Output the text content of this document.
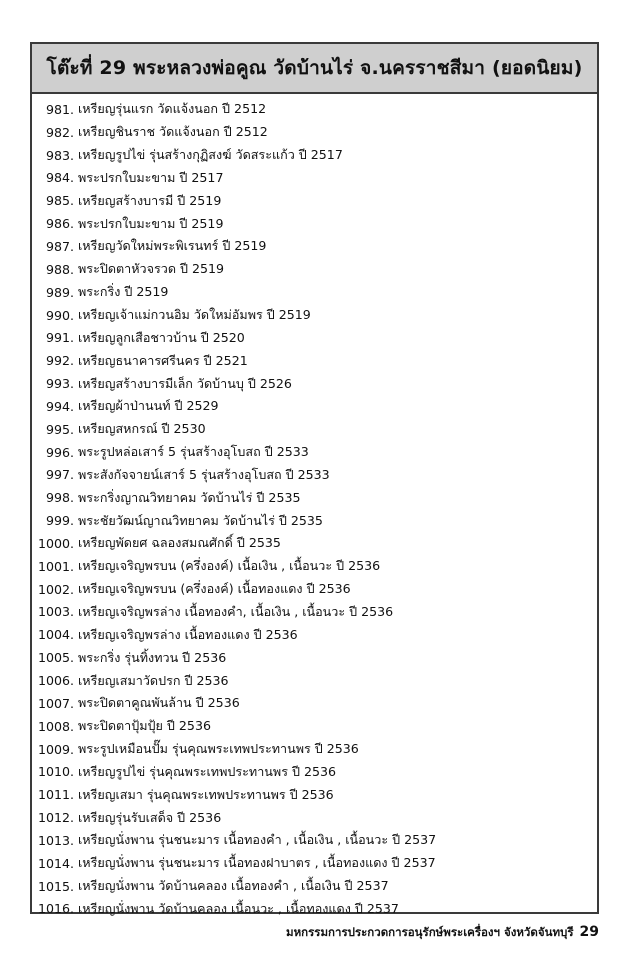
โต๊ะที่ 29 พระหลวงพ่อคูณ วัดบ้านไร่ จ.นครราชสีมา (ยอดนิยม)
981. เหรียญรุ่นแรก วัดแจ้งนอก ปี 2512
982. เหรียญชินราช วัดแจ้งนอก ปี 2512
983. เหรียญรูปไข่ รุ่นสร้างกุฏิสงฆ์ วัดสระแก้ว ปี 2517
984. พระปรกใบมะขาม ปี 2517
985. เหรียญสร้างบารมี ปี 2519
986. พระปรกใบมะขาม ปี 2519
987. เหรียญวัดใหม่พระพิเรนทร์ ปี 2519
988. พระปิดตาหัวจรวด ปี 2519
989. พระกริ่ง ปี 2519
990. เหรียญเจ้าแม่กวนอิม วัดใหม่อัมพร ปี 2519
991. เหรียญลูกเสือชาวบ้าน ปี 2520
992. เหรียญธนาคารศรีนคร ปี 2521
993. เหรียญสร้างบารมีเล็ก วัดบ้านบุ ปี 2526
994. เหรียญผ้าป่านนท์ ปี 2529
995. เหรียญสหกรณ์ ปี 2530
996. พระรูปหล่อเสาร์ 5 รุ่นสร้างอุโบสถ ปี 2533
997. พระสังกัจจายน์เสาร์ 5 รุ่นสร้างอุโบสถ ปี 2533
998. พระกริ่งญาณวิทยาคม วัดบ้านไร่ ปี 2535
999. พระชัยวัฒน์ญาณวิทยาคม วัดบ้านไร่ ปี 2535
1000. เหรียญพัดยศ ฉลองสมณศักดิ์ ปี 2535
1001. เหรียญเจริญพรบน (ครึ่งองค์) เนื้อเงิน , เนื้อนวะ ปี 2536
1002. เหรียญเจริญพรบน (ครึ่งองค์) เนื้อทองแดง ปี 2536
1003. เหรียญเจริญพรล่าง เนื้อทองคำ, เนื้อเงิน , เนื้อนวะ ปี 2536
1004. เหรียญเจริญพรล่าง เนื้อทองแดง ปี 2536
1005. พระกริ่ง รุ่นทิ้งทวน ปี 2536
1006. เหรียญเสมาวัดปรก ปี 2536
1007. พระปิดตาคูณพันล้าน ปี 2536
1008. พระปิดตาปุ้มปุ้ย ปี 2536
1009. พระรูปเหมือนปั๊ม รุ่นคุณพระเทพประทานพร ปี 2536
1010. เหรียญรูปไข่ รุ่นคุณพระเทพประทานพร ปี 2536
1011. เหรียญเสมา รุ่นคุณพระเทพประทานพร ปี 2536
1012. เหรียญรุ่นรับเสด็จ ปี 2536
1013. เหรียญนั่งพาน รุ่นชนะมาร เนื้อทองคำ , เนื้อเงิน , เนื้อนวะ ปี 2537
1014. เหรียญนั่งพาน รุ่นชนะมาร เนื้อทองฝาบาตร , เนื้อทองแดง ปี 2537
1015. เหรียญนั่งพาน วัดบ้านคลอง เนื้อทองคำ , เนื้อเงิน ปี 2537
1016. เหรียญนั่งพาน วัดบ้านคลอง เนื้อนวะ , เนื้อทองแดง ปี 2537
มหกรรมการประกวดการอนุรักษ์พระเครื่องฯ จังหวัดจันทบุรี 29
